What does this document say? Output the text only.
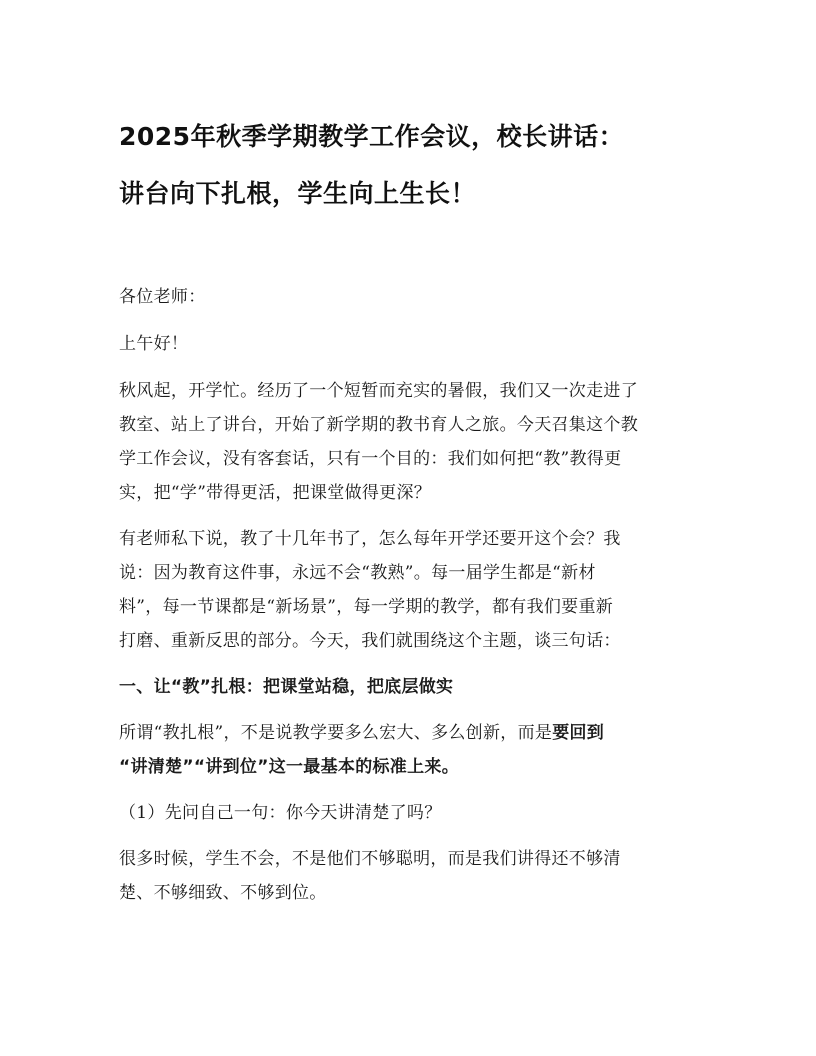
2025年秋季学期教学工作会议，校长讲话：
讲台向下扎根，学生向上生长！

各位老师：

上午好！

秋风起，开学忙。经历了一个短暂而充实的暑假，我们又一次走进了
教室、站上了讲台，开始了新学期的教书育人之旅。今天召集这个教
学工作会议，没有客套话，只有一个目的：我们如何把“教”教得更
实，把“学”带得更活，把课堂做得更深？

有老师私下说，教了十几年书了，怎么每年开学还要开这个会？我
说：因为教育这件事，永远不会“教熟”。每一届学生都是“新材
料”，每一节课都是“新场景”，每一学期的教学，都有我们要重新
打磨、重新反思的部分。今天，我们就围绕这个主题，谈三句话：

一、让“教”扎根：把课堂站稳，把底层做实

所谓“教扎根”，不是说教学要多么宏大、多么创新，而是要回到
“讲清楚”“讲到位”这一最基本的标准上来。

（1）先问自己一句：你今天讲清楚了吗？

很多时候，学生不会，不是他们不够聪明，而是我们讲得还不够清
楚、不够细致、不够到位。
